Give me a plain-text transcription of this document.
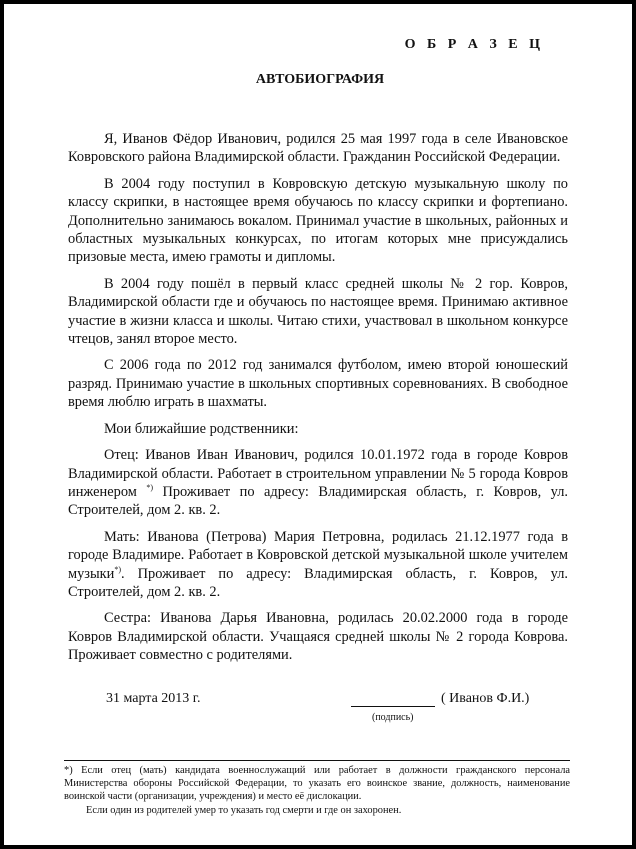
О Б Р А З Е Ц
АВТОБИОГРАФИЯ

Я, Иванов Фёдор Иванович, родился 25 мая 1997 года в селе Ивановское Ковровского района Владимирской области. Гражданин Российской Федерации.

В 2004 году поступил в Ковровскую детскую музыкальную школу по классу скрипки, в настоящее время обучаюсь по классу скрипки и фортепиано. Дополнительно занимаюсь вокалом. Принимал участие в школьных, районных и областных музыкальных конкурсах, по итогам которых мне присуждались призовые места, имею грамоты и дипломы.

В 2004 году пошёл в первый класс средней школы № 2 гор. Ковров, Владимирской области где и обучаюсь по настоящее время. Принимаю активное участие в жизни класса и школы. Читаю стихи, участвовал в школьном конкурсе чтецов, занял второе место.

С 2006 года по 2012 год занимался футболом, имею второй юношеский разряд. Принимаю участие в школьных спортивных соревнованиях. В свободное время люблю играть в шахматы.

Мои ближайшие родственники:

Отец: Иванов Иван Иванович, родился 10.01.1972 года в городе Ковров Владимирской области. Работает в строительном управлении № 5 города Ковров инженером *) Проживает по адресу: Владимирская область, г. Ковров, ул. Строителей, дом 2. кв. 2.

Мать: Иванова (Петрова) Мария Петровна, родилась 21.12.1977 года в городе Владимире. Работает в Ковровской детской музыкальной школе учителем музыки*). Проживает по адресу: Владимирская область, г. Ковров, ул. Строителей, дом 2. кв. 2.

Сестра: Иванова Дарья Ивановна, родилась 20.02.2000 года в городе Ковров Владимирской области. Учащаяся средней школы № 2 города Коврова. Проживает совместно с родителями.

31 марта 2013 г.	( Иванов Ф.И.)
(подпись)

*) Если отец (мать) кандидата военнослужащий или работает в должности гражданского персонала Министерства обороны Российской Федерации, то указать его воинское звание, должность, наименование воинской части (организации, учреждения) и место её дислокации.

Если один из родителей умер то указать год смерти и где он захоронен.
